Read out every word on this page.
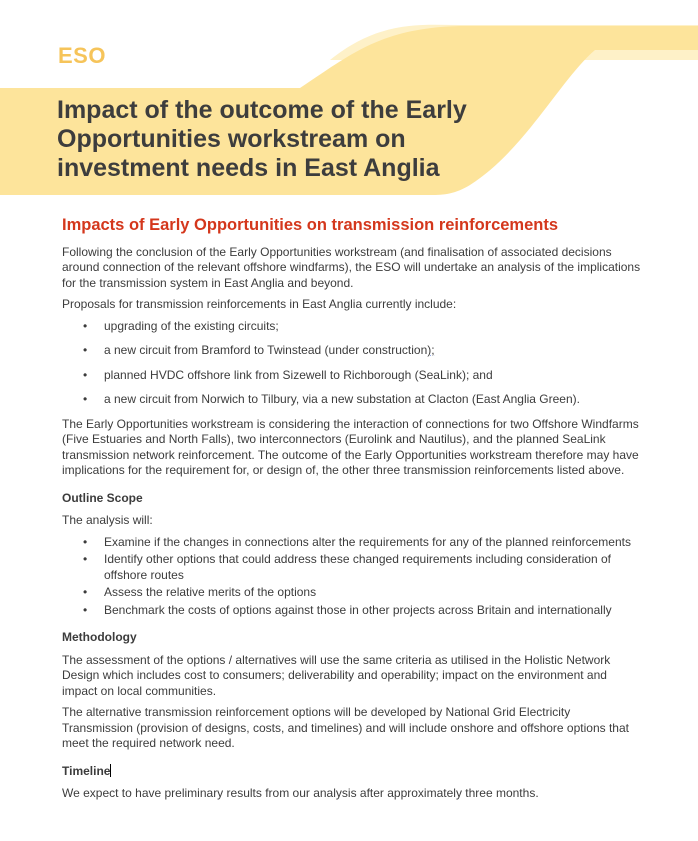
ESO
Impact of the outcome of the Early Opportunities workstream on investment needs in East Anglia
Impacts of Early Opportunities on transmission reinforcements

Following the conclusion of the Early Opportunities workstream (and finalisation of associated decisions around connection of the relevant offshore windfarms), the ESO will undertake an analysis of the implications for the transmission system in East Anglia and beyond.

Proposals for transmission reinforcements in East Anglia currently include:

• upgrading of the existing circuits;
• a new circuit from Bramford to Twinstead (under construction);
• planned HVDC offshore link from Sizewell to Richborough (SeaLink); and
• a new circuit from Norwich to Tilbury, via a new substation at Clacton (East Anglia Green).

The Early Opportunities workstream is considering the interaction of connections for two Offshore Windfarms (Five Estuaries and North Falls), two interconnectors (Eurolink and Nautilus), and the planned SeaLink transmission network reinforcement. The outcome of the Early Opportunities workstream therefore may have implications for the requirement for, or design of, the other three transmission reinforcements listed above.

Outline Scope

The analysis will:

• Examine if the changes in connections alter the requirements for any of the planned reinforcements
• Identify other options that could address these changed requirements including consideration of offshore routes
• Assess the relative merits of the options
• Benchmark the costs of options against those in other projects across Britain and internationally
Methodology

The assessment of the options / alternatives will use the same criteria as utilised in the Holistic Network Design which includes cost to consumers; deliverability and operability; impact on the environment and impact on local communities.

The alternative transmission reinforcement options will be developed by National Grid Electricity Transmission (provision of designs, costs, and timelines) and will include onshore and offshore options that meet the required network need.

Timeline

We expect to have preliminary results from our analysis after approximately three months.
